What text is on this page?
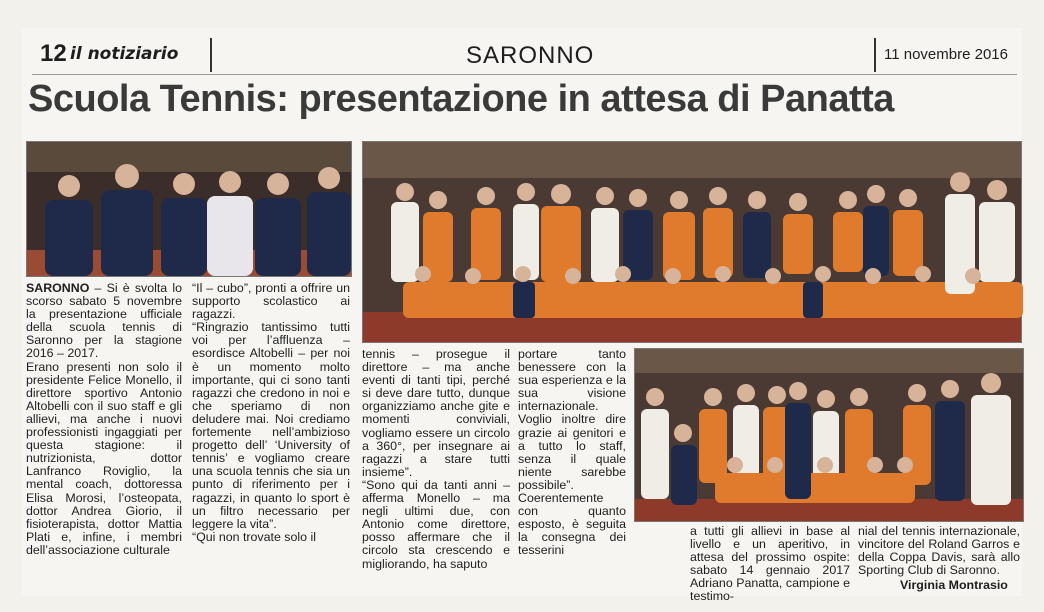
12 il notiziario	SARONNO	11 novembre 2016
Scuola Tennis: presentazione in attesa di Panatta

SARONNO – Si è svolta lo scorso sabato 5 novembre la presentazione ufficiale della scuola tennis di Saronno per la stagione 2016 – 2017.

Erano presenti non solo il presidente Felice Monello, il direttore sportivo Antonio Altobelli con il suo staff e gli allievi, ma anche i nuovi professionisti ingaggiati per questa stagione: il nutrizionista, dottor Lanfranco Roviglio, la mental coach, dottoressa Elisa Morosi, l’osteopata, dottor Andrea Giorio, il fisioterapista, dottor Mattia Plati e, infine, i membri dell’associazione culturale

“Il – cubo”, pronti a offrire un supporto scolastico ai ragazzi.

“Ringrazio tantissimo tutti voi per l’affluenza – esordisce Altobelli – per noi è un momento molto importante, qui ci sono tanti ragazzi che credono in noi e che speriamo di non deludere mai. Noi crediamo fortemente nell’ambizioso progetto dell’ ‘University of tennis’ e vogliamo creare una scuola tennis che sia un punto di riferimento per i ragazzi, in quanto lo sport è un filtro necessario per leggere la vita”.

“Qui non trovate solo il

tennis – prosegue il direttore – ma anche eventi di tanti tipi, perché si deve dare tutto, dunque organizziamo anche gite e momenti conviviali, vogliamo essere un circolo a 360°, per insegnare ai ragazzi a stare tutti insieme”.

“Sono qui da tanti anni – afferma Monello – ma negli ultimi due, con Antonio come direttore, posso affermare che il circolo sta crescendo e migliorando, ha saputo

portare tanto benessere con la sua esperienza e la sua visione internazionale. Voglio inoltre dire grazie ai genitori e a tutto lo staff, senza il quale niente sarebbe possibile”.

Coerentemente con quanto esposto, è seguita la consegna dei tesserini

a tutti gli allievi in base al livello e un aperitivo, in attesa del prossimo ospite: sabato 14 gennaio 2017 Adriano Panatta, campione e testimo-

nial del tennis internazionale, vincitore del Roland Garros e della Coppa Davis, sarà allo Sporting Club di Saronno.

Virginia Montrasio
